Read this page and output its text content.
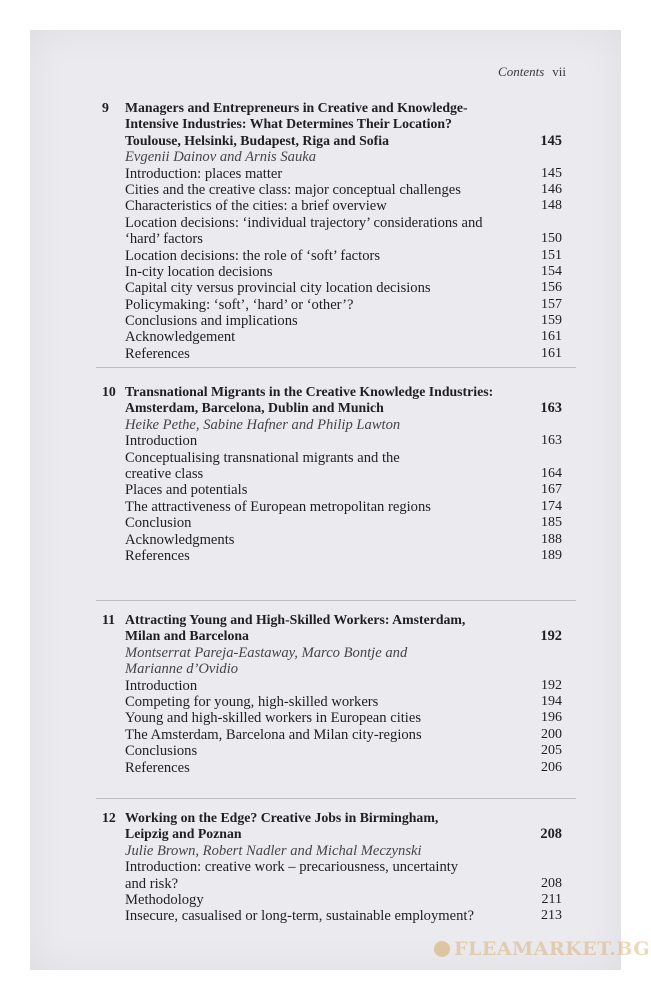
Contents vii
9 Managers and Entrepreneurs in Creative and Knowledge-
Intensive Industries: What Determines Their Location?
Toulouse, Helsinki, Budapest, Riga and Sofia	145
Evgenii Dainov and Arnis Sauka
Introduction: places matter	145
Cities and the creative class: major conceptual challenges	146
Characteristics of the cities: a brief overview	148
Location decisions: ‘individual trajectory’ considerations and
‘hard’ factors	150
Location decisions: the role of ‘soft’ factors	151
In-city location decisions	154
Capital city versus provincial city location decisions	156
Policymaking: ‘soft’, ‘hard’ or ‘other’?	157
Conclusions and implications	159
Acknowledgement	161
References	161
10 Transnational Migrants in the Creative Knowledge Industries:
Amsterdam, Barcelona, Dublin and Munich	163
Heike Pethe, Sabine Hafner and Philip Lawton
Introduction	163
Conceptualising transnational migrants and the
creative class	164
Places and potentials	167
The attractiveness of European metropolitan regions	174
Conclusion	185
Acknowledgments	188
References	189
11 Attracting Young and High-Skilled Workers: Amsterdam,
Milan and Barcelona	192
Montserrat Pareja-Eastaway, Marco Bontje and
Marianne d’Ovidio
Introduction	192
Competing for young, high-skilled workers	194
Young and high-skilled workers in European cities	196
The Amsterdam, Barcelona and Milan city-regions	200
Conclusions	205
References	206
12 Working on the Edge? Creative Jobs in Birmingham,
Leipzig and Poznan	208
Julie Brown, Robert Nadler and Michal Meczynski
Introduction: creative work – precariousness, uncertainty
and risk?	208
Methodology	211
Insecure, casualised or long-term, sustainable employment?	213
FLEAMARKET.BG
